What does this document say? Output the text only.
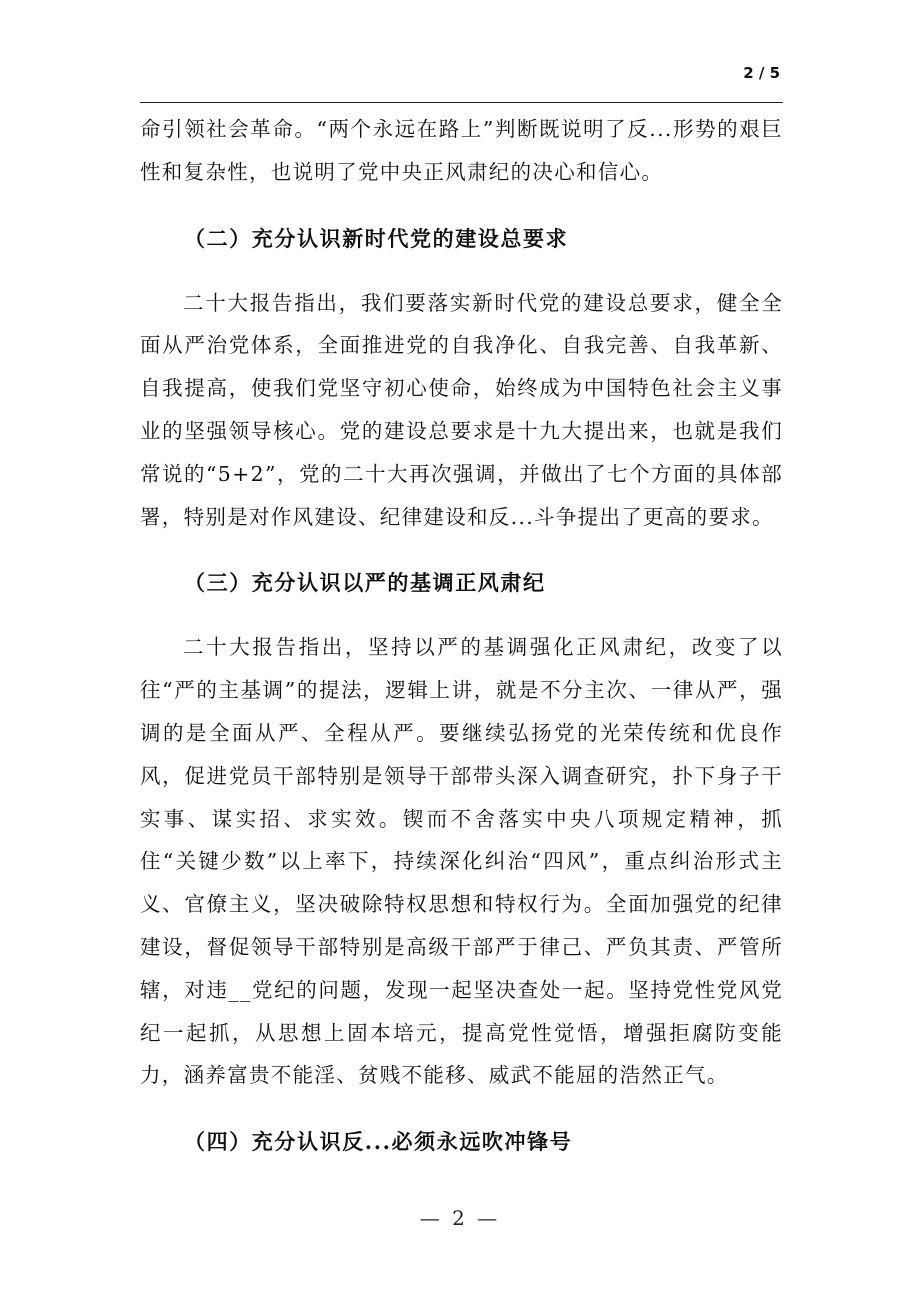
2 / 5

命引领社会革命。“两个永远在路上”判断既说明了反...形势的艰巨性和复杂性，也说明了党中央正风肃纪的决心和信心。

（二）充分认识新时代党的建设总要求

二十大报告指出，我们要落实新时代党的建设总要求，健全全面从严治党体系，全面推进党的自我净化、自我完善、自我革新、自我提高，使我们党坚守初心使命，始终成为中国特色社会主义事业的坚强领导核心。党的建设总要求是十九大提出来，也就是我们常说的“5+2”，党的二十大再次强调，并做出了七个方面的具体部署，特别是对作风建设、纪律建设和反...斗争提出了更高的要求。

（三）充分认识以严的基调正风肃纪

二十大报告指出，坚持以严的基调强化正风肃纪，改变了以往“严的主基调”的提法，逻辑上讲，就是不分主次、一律从严，强调的是全面从严、全程从严。要继续弘扬党的光荣传统和优良作风，促进党员干部特别是领导干部带头深入调查研究，扑下身子干实事、谋实招、求实效。锲而不舍落实中央八项规定精神，抓住“关键少数”以上率下，持续深化纠治“四风”，重点纠治形式主义、官僚主义，坚决破除特权思想和特权行为。全面加强党的纪律建设，督促领导干部特别是高级干部严于律己、严负其责、严管所辖，对违__党纪的问题，发现一起坚决查处一起。坚持党性党风党纪一起抓，从思想上固本培元，提高党性觉悟，增强拒腐防变能力，涵养富贵不能淫、贫贱不能移、威武不能屈的浩然正气。

（四）充分认识反...必须永远吹冲锋号
— 2 —
